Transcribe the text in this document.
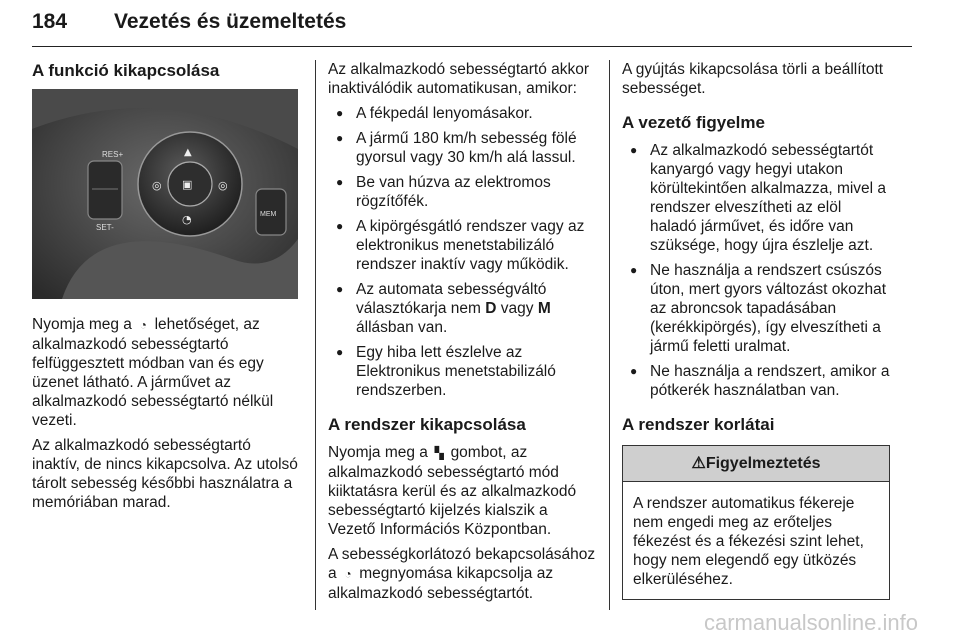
184 Vezetés és üzemeltetés
A funkció kikapcsolása
RES+
SET-
▣
◎	◎
▲
◔	MEM

Nyomja meg a ◔ lehetőséget, az alkalmazkodó sebességtartó felfüggesztett módban van és egy üzenet látható. A járművet az alkalmazkodó sebességtartó nélkül vezeti.

Az alkalmazkodó sebességtartó inaktív, de nincs kikapcsolva. Az utolsó tárolt sebesség későbbi használatra a memóriában marad.

Az alkalmazkodó sebességtartó akkor inaktiválódik automatikusan, amikor:

● A fékpedál lenyomásakor.
● A jármű 180 km/h sebesség fölé gyorsul vagy 30 km/h alá lassul.
● Be van húzva az elektromos rögzítőfék.
● A kipörgésgátló rendszer vagy az elektronikus menetstabilizáló rendszer inaktív vagy működik.
● Az automata sebességváltó választókarja nem D vagy M állásban van.
● Egy hiba lett észlelve az Elektronikus menetstabilizáló rendszerben.
A rendszer kikapcsolása

Nyomja meg a ▚ gombot, az alkalmazkodó sebességtartó mód kiiktatásra kerül és az alkalmazkodó sebességtartó kijelzés kialszik a Vezető Információs Központban.

A sebességkorlátozó bekapcsolásához a ◔ megnyomása kikapcsolja az alkalmazkodó sebességtartót.

A gyújtás kikapcsolása törli a beállított sebességet.

A vezető figyelme
● Az alkalmazkodó sebességtartót kanyargó vagy hegyi utakon körültekintően alkalmazza, mivel a rendszer elveszítheti az elöl haladó járművet, és időre van szüksége, hogy újra észlelje azt.
● Ne használja a rendszert csúszós úton, mert gyors változást okozhat az abroncsok tapadásában (kerékkipörgés), így elveszítheti a jármű feletti uralmat.
● Ne használja a rendszert, amikor a pótkerék használatban van.
A rendszer korlátai
⚠Figyelmeztetés
A rendszer automatikus fékereje nem engedi meg az erőteljes fékezést és a fékezési szint lehet, hogy nem elegendő egy ütközés elkerüléséhez.
carmanualsonline.info
